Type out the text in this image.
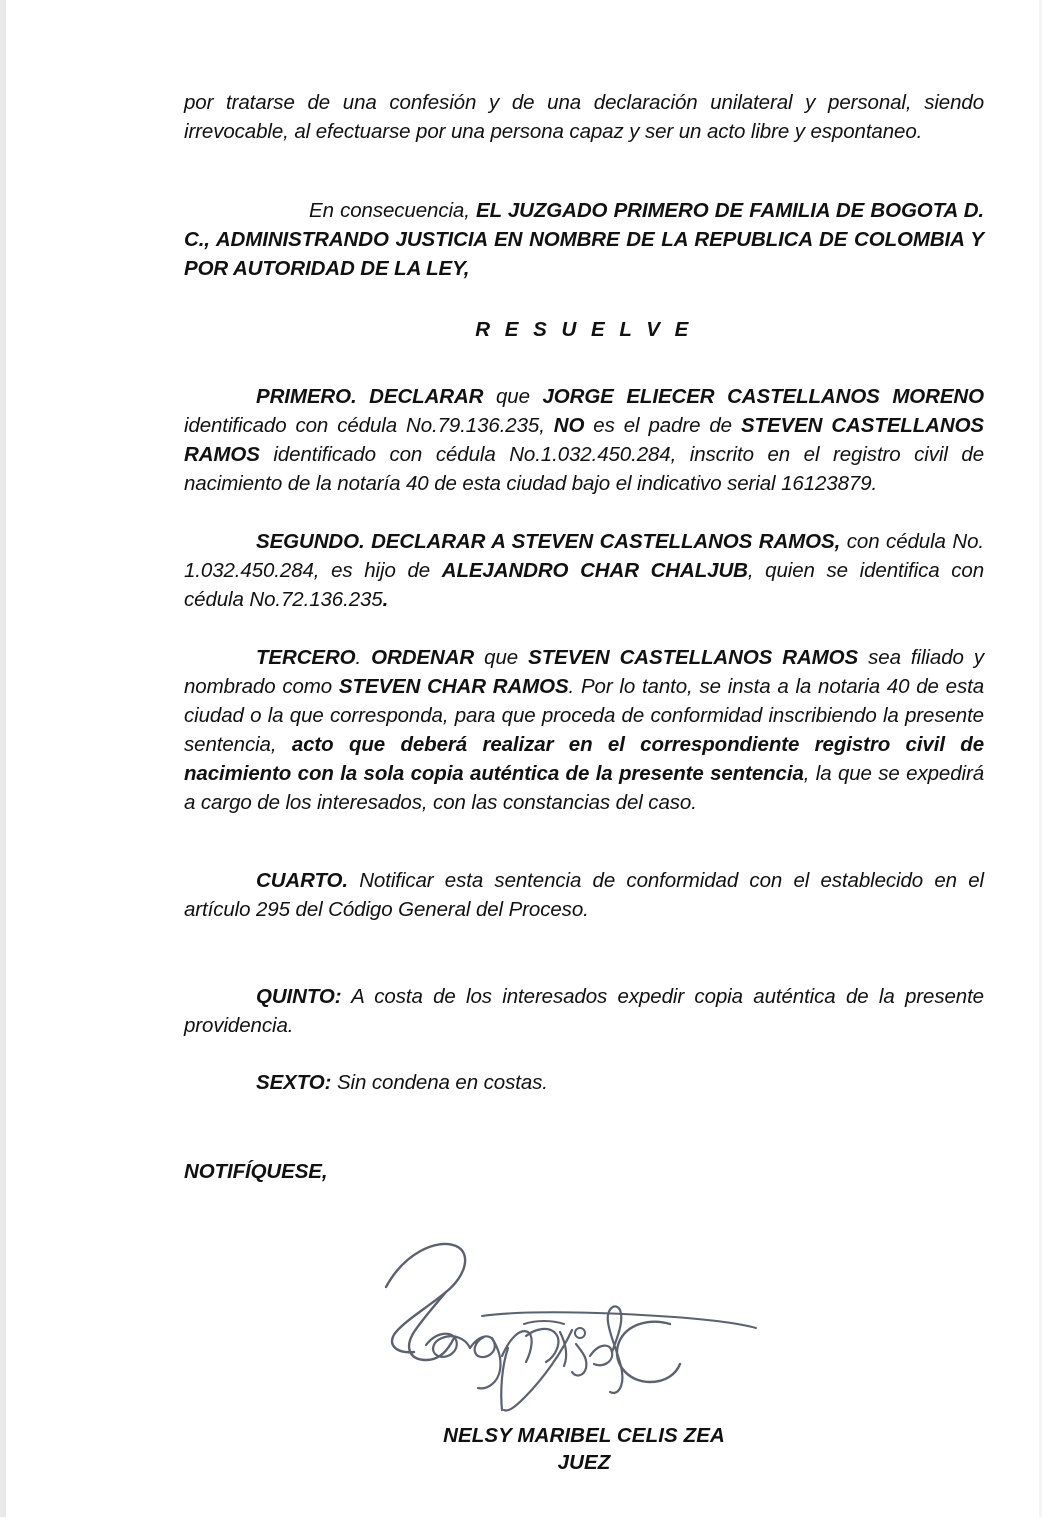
por tratarse de una confesión y de una declaración unilateral y personal, siendo irrevocable, al efectuarse por una persona capaz y ser un acto libre y espontaneo.

En consecuencia, EL JUZGADO PRIMERO DE FAMILIA DE BOGOTA D. C., ADMINISTRANDO JUSTICIA EN NOMBRE DE LA REPUBLICA DE COLOMBIA Y POR AUTORIDAD DE LA LEY,

R E S U E L V E

PRIMERO. DECLARAR que JORGE ELIECER CASTELLANOS MORENO identificado con cédula No.79.136.235, NO es el padre de STEVEN CASTELLANOS RAMOS identificado con cédula No.1.032.450.284, inscrito en el registro civil de nacimiento de la notaría 40 de esta ciudad bajo el indicativo serial 16123879.

SEGUNDO. DECLARAR A STEVEN CASTELLANOS RAMOS, con cédula No. 1.032.450.284, es hijo de ALEJANDRO CHAR CHALJUB, quien se identifica con cédula No.72.136.235.

TERCERO. ORDENAR que STEVEN CASTELLANOS RAMOS sea filiado y nombrado como STEVEN CHAR RAMOS. Por lo tanto, se insta a la notaria 40 de esta ciudad o la que corresponda, para que proceda de conformidad inscribiendo la presente sentencia, acto que deberá realizar en el correspondiente registro civil de nacimiento con la sola copia auténtica de la presente sentencia, la que se expedirá a cargo de los interesados, con las constancias del caso.

CUARTO. Notificar esta sentencia de conformidad con el establecido en el artículo 295 del Código General del Proceso.

QUINTO: A costa de los interesados expedir copia auténtica de la presente providencia.

SEXTO: Sin condena en costas.

NOTIFÍQUESE,

NELSY MARIBEL CELIS ZEA

JUEZ
